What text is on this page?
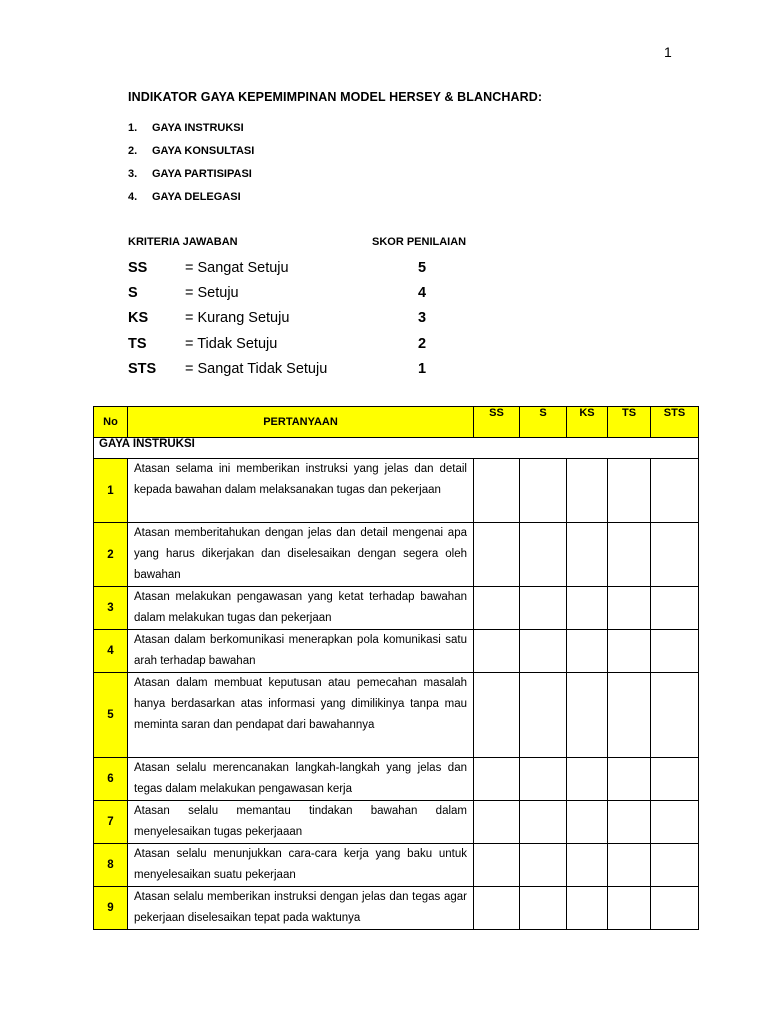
1
INDIKATOR GAYA KEPEMIMPINAN MODEL HERSEY & BLANCHARD:
1. GAYA INSTRUKSI
2. GAYA KONSULTASI
3. GAYA PARTISIPASI
4. GAYA DELEGASI
KRITERIA JAWABAN	SKOR PENILAIAN
SS	= Sangat Setuju	5
S	= Setuju	4
KS	= Kurang Setuju	3
TS	= Tidak Setuju	2
STS = Sangat Tidak Setuju	1
No	PERTANYAAN	SS	S	KS	TS	STS
GAYA INSTRUKSI						
1	Atasan selama ini memberikan instruksi yang jelas dan detail kepada bawahan dalam melaksanakan tugas dan pekerjaan					

2	Atasan memberitahukan dengan jelas dan detail mengenai apa yang harus dikerjakan dan diselesaikan dengan segera oleh bawahan					

3	Atasan melakukan pengawasan yang ketat terhadap bawahan dalam melakukan tugas dan pekerjaan					

4	Atasan dalam berkomunikasi menerapkan pola komunikasi satu arah terhadap bawahan					

5	Atasan dalam membuat keputusan atau pemecahan masalah hanya berdasarkan atas informasi yang dimilikinya tanpa mau meminta saran dan pendapat dari bawahannya					

6	Atasan selalu merencanakan langkah-langkah yang jelas dan tegas dalam melakukan pengawasan kerja					

7	Atasan selalu memantau tindakan bawahan dalam menyelesaikan tugas pekerjaaan					

8	Atasan selalu menunjukkan cara-cara kerja yang baku untuk menyelesaikan suatu pekerjaan					

9	Atasan selalu memberikan instruksi dengan jelas dan tegas agar pekerjaan diselesaikan tepat pada waktunya					
